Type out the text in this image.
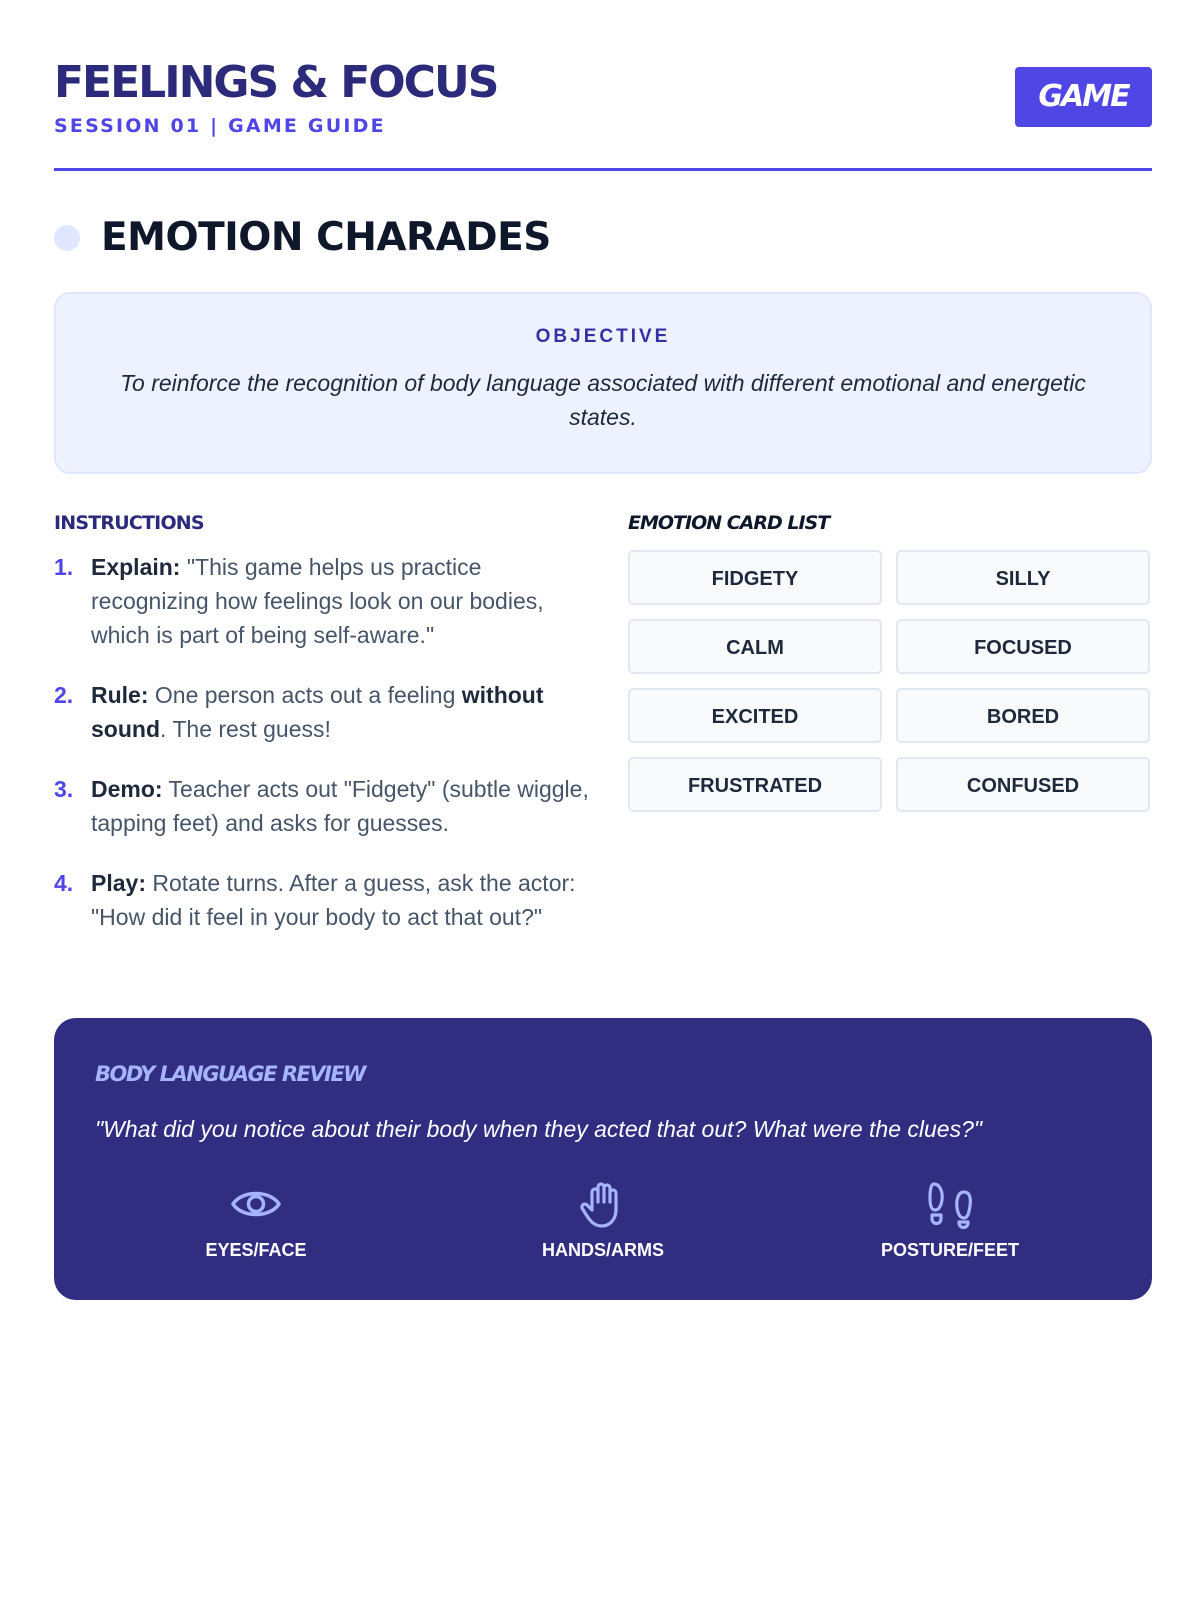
FEELINGS & FOCUS
SESSION 01 | GAME GUIDE
GAME
EMOTION CHARADES
OBJECTIVE
To reinforce the recognition of body language associated with different emotional and energetic states.
INSTRUCTIONS
1. Explain: "This game helps us practice recognizing how feelings look on our bodies, which is part of being self-aware."
2. Rule: One person acts out a feeling without sound. The rest guess!
3. Demo: Teacher acts out "Fidgety" (subtle wiggle, tapping feet) and asks for guesses.
4. Play: Rotate turns. After a guess, ask the actor: "How did it feel in your body to act that out?"
EMOTION CARD LIST
FIDGETY	SILLY
CALM	FOCUSED
EXCITED	BORED
FRUSTRATED	CONFUSED
BODY LANGUAGE REVIEW
"What did you notice about their body when they acted that out? What were the clues?"
EYES/FACE	HANDS/ARMS	POSTURE/FEET
